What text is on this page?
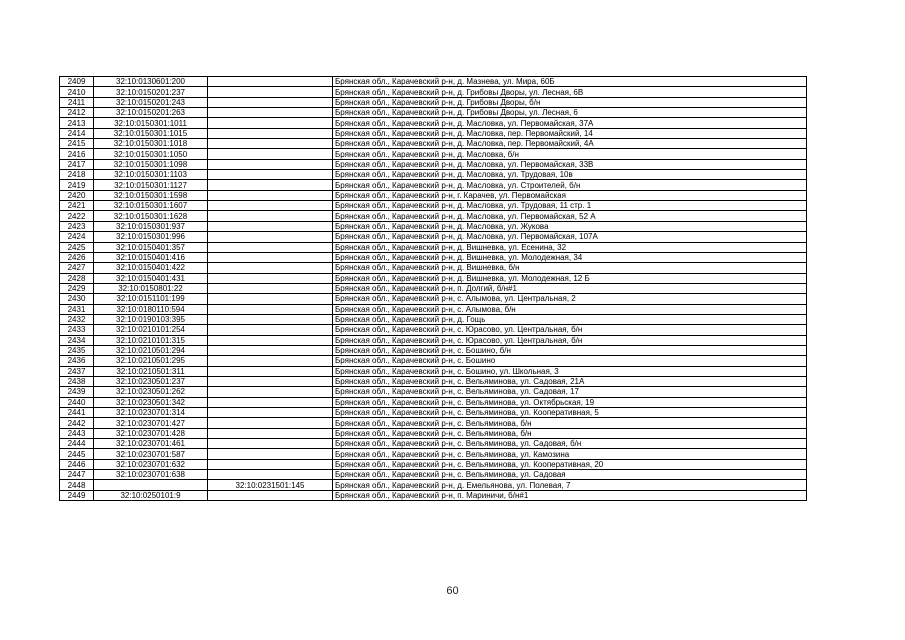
2409	32:10:0130601:200		Брянская обл., Карачевский р-н, д. Мазнева, ул. Мира, 60Б
2410	32:10:0150201:237		Брянская обл., Карачевский р-н, д. Грибовы Дворы, ул. Лесная, 6В
2411	32:10:0150201:243		Брянская обл., Карачевский р-н, д. Грибовы Дворы, б/н
2412	32:10:0150201:263		Брянская обл., Карачевский р-н, д. Грибовы Дворы, ул. Лесная, 6
2413	32:10:0150301:1011		Брянская обл., Карачевский р-н, д. Масловка, ул. Первомайская, 37А
2414	32:10:0150301:1015		Брянская обл., Карачевский р-н, д. Масловка, пер. Первомайский, 14
2415	32:10:0150301:1018		Брянская обл., Карачевский р-н, д. Масловка, пер. Первомайский, 4А
2416	32:10:0150301:1050		Брянская обл., Карачевский р-н, д. Масловка, б/н
2417	32:10:0150301:1098		Брянская обл., Карачевский р-н, д. Масловка, ул. Первомайская, 33В
2418	32:10:0150301:1103		Брянская обл., Карачевский р-н, д. Масловка, ул. Трудовая, 10в
2419	32:10:0150301:1127		Брянская обл., Карачевский р-н, д. Масловка, ул. Строителей, б/н
2420	32:10:0150301:1598		Брянская обл., Карачевский р-н, г. Карачев, ул. Первомайская
2421	32:10:0150301:1607		Брянская обл., Карачевский р-н, д. Масловка, ул. Трудовая, 11 стр. 1
2422	32:10:0150301:1628		Брянская обл., Карачевский р-н, д. Масловка, ул. Первомайская, 52 А
2423	32:10:0150301:937		Брянская обл., Карачевский р-н, д. Масловка, ул. Жукова
2424	32:10:0150301:996		Брянская обл., Карачевский р-н, д. Масловка, ул. Первомайская, 107А
2425	32:10:0150401:357		Брянская обл., Карачевский р-н, д. Вишневка, ул. Есенина, 32
2426	32:10:0150401:416		Брянская обл., Карачевский р-н, д. Вишневка, ул. Молодежная, 34
2427	32:10:0150401:422		Брянская обл., Карачевский р-н, д. Вишневка, б/н
2428	32:10:0150401:431		Брянская обл., Карачевский р-н, д. Вишневка, ул. Молодежная, 12 Б
2429	32:10:0150801:22		Брянская обл., Карачевский р-н, п. Долгий, б/н#1
2430	32:10:0151101:199		Брянская обл., Карачевский р-н, с. Алымова, ул. Центральная, 2
2431	32:10:0180110:594		Брянская обл., Карачевский р-н, с. Алымова, б/н
2432	32:10:0190103:395		Брянская обл., Карачевский р-н, д. Гощь
2433	32:10:0210101:254		Брянская обл., Карачевский р-н, с. Юрасово, ул. Центральная, б/н
2434	32:10:0210101:315		Брянская обл., Карачевский р-н, с. Юрасово, ул. Центральная, б/н
2435	32:10:0210501:294		Брянская обл., Карачевский р-н, с. Бошино, б/н
2436	32:10:0210501:295		Брянская обл., Карачевский р-н, с. Бошино
2437	32:10:0210501:311		Брянская обл., Карачевский р-н, с. Бошино, ул. Школьная, 3
2438	32:10:0230501:237		Брянская обл., Карачевский р-н, с. Вельяминова, ул. Садовая, 21А
2439	32:10:0230501:262		Брянская обл., Карачевский р-н, с. Вельяминова, ул. Садовая, 17
2440	32:10:0230501:342		Брянская обл., Карачевский р-н, с. Вельяминова, ул. Октябрьская, 19
2441	32:10:0230701:314		Брянская обл., Карачевский р-н, с. Вельяминова, ул. Кооперативная, 5
2442	32:10:0230701:427		Брянская обл., Карачевский р-н, с. Вельяминова, б/н
2443	32:10:0230701:428		Брянская обл., Карачевский р-н, с. Вельяминова, б/н
2444	32:10:0230701:461		Брянская обл., Карачевский р-н, с. Вельяминова, ул. Садовая, б/н
2445	32:10:0230701:587		Брянская обл., Карачевский р-н, с. Вельяминова, ул. Камозина
2446	32:10:0230701:632		Брянская обл., Карачевский р-н, с. Вельяминова, ул. Кооперативная, 20
2447	32:10:0230701:638		Брянская обл., Карачевский р-н, с. Вельяминова, ул. Садовая
2448		32:10:0231501:145	Брянская обл., Карачевский р-н, д. Емельянова, ул. Полевая, 7
2449	32:10:0250101:9		Брянская обл., Карачевский р-н, п. Мариничи, б/н#1
60
